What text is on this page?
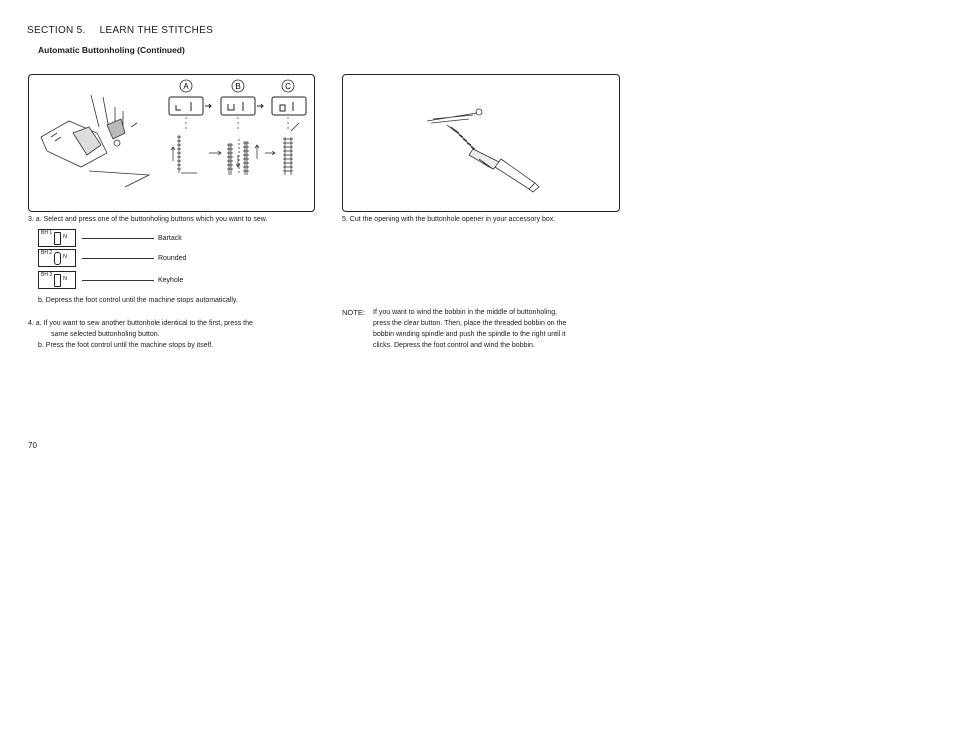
SECTION 5. LEARN THE STITCHES
Automatic Buttonholing (Continued)
A	B	C
3. a. Select and press one of the buttonholing buttons which you want to sew.
BH 1
N	Bartack
BH 2
N	Rounded
BH 3
N	Keyhole
b. Depress the foot control until the machine stops automatically.
4. a. If you want to sew another buttonhole identical to the first, press the
same selected buttonholing button.
b. Press the foot control until the machine stops by itself.
5. Cut the opening with the buttonhole opener in your accessory box.
NOTE: If you want to wind the bobbin in the middle of buttonholing,
press the clear button. Then, place the threaded bobbin on the
bobbin winding spindle and push the spindle to the right until it
clicks. Depress the foot control and wind the bobbin.
70
